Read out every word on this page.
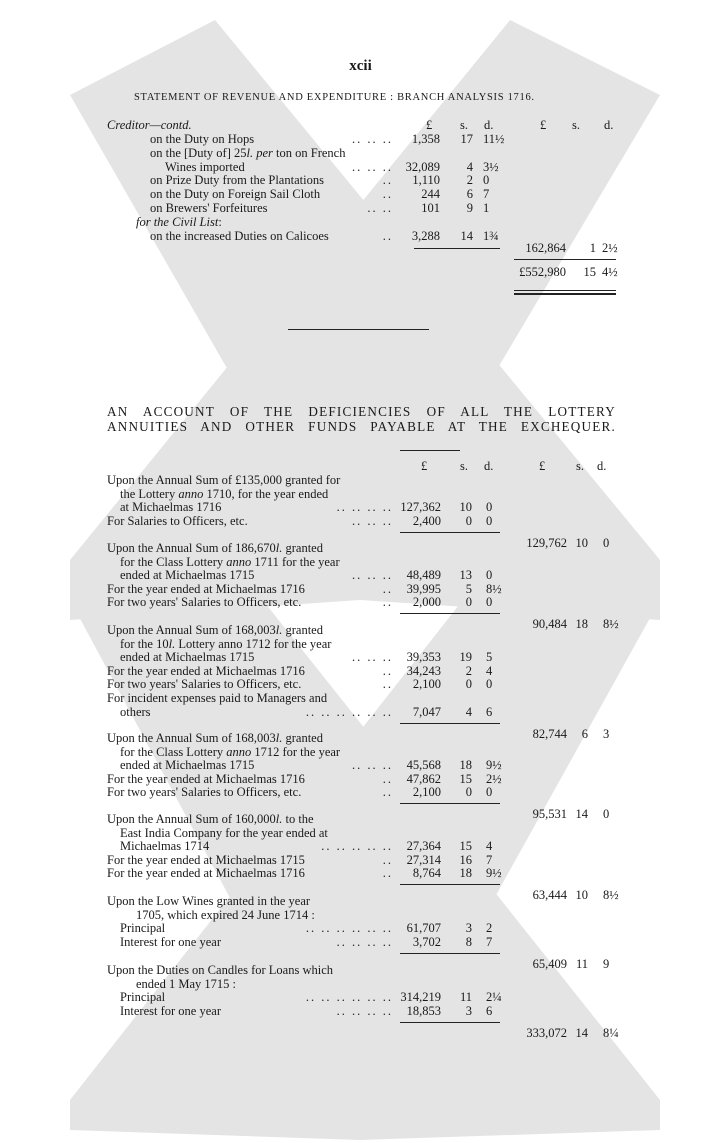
xcii
STATEMENT OF REVENUE AND EXPENDITURE : BRANCH ANALYSIS 1716.
Creditor—contd.	£ s. d.	£ s. d.
on the Duty on Hops	.. .. .. 1,358 17 11½
on the [Duty of] 25l. per ton on French
Wines imported	.. .. .. 32,089 4 3½
on Prize Duty from the Plantations	.. 1,110 2 0
on the Duty on Foreign Sail Cloth	.. 244 6 7
on Brewers' Forfeitures	.. .. 101 9 1
for the Civil List:
on the increased Duties on Calicoes	.. 3,288 14 1¾
162,864 1 2½
£552,980 15 4½
AN ACCOUNT OF THE DEFICIENCIES OF ALL THE LOTTERY
ANNUITIES AND OTHER FUNDS PAYABLE AT THE EXCHEQUER.
£	s. d.	£ s. d.
Upon the Annual Sum of £135,000 granted for
the Lottery anno 1710, for the year ended
at Michaelmas 1716	.. .. .. .. 127,362 10 0
For Salaries to Officers, etc.	.. .. .. 2,400 0 0
129,762 10 0
Upon the Annual Sum of 186,670l. granted
for the Class Lottery anno 1711 for the year
ended at Michaelmas 1715	.. .. .. 48,489 13 0
For the year ended at Michaelmas 1716	.. 39,995 5 8½
For two years' Salaries to Officers, etc.	.. 2,000 0 0
90,484 18 8½
Upon the Annual Sum of 168,003l. granted
for the 10l. Lottery anno 1712 for the year
ended at Michaelmas 1715	.. .. .. 39,353 19 5
For the year ended at Michaelmas 1716	.. 34,243 2 4
For two years' Salaries to Officers, etc.	.. 2,100 0 0
For incident expenses paid to Managers and
others	.. .. .. .. .. .. 7,047 4 6
82,744 6 3
Upon the Annual Sum of 168,003l. granted
for the Class Lottery anno 1712 for the year
ended at Michaelmas 1715	.. .. .. 45,568 18 9½
For the year ended at Michaelmas 1716	.. 47,862 15 2½
For two years' Salaries to Officers, etc.	.. 2,100 0 0
95,531 14 0
Upon the Annual Sum of 160,000l. to the
East India Company for the year ended at
Michaelmas 1714	.. .. .. .. .. 27,364 15 4
For the year ended at Michaelmas 1715	.. 27,314 16 7
For the year ended at Michaelmas 1716	.. 8,764 18 9½
63,444 10 8½
Upon the Low Wines granted in the year
1705, which expired 24 June 1714 :
Principal	.. .. .. .. .. .. 61,707 3 2
Interest for one year	.. .. .. .. 3,702 8 7
65,409 11 9
Upon the Duties on Candles for Loans which
ended 1 May 1715 :
Principal	.. .. .. .. .. .. 314,219 11 2¼
Interest for one year	.. .. .. .. 18,853 3 6
333,072 14 8¼
